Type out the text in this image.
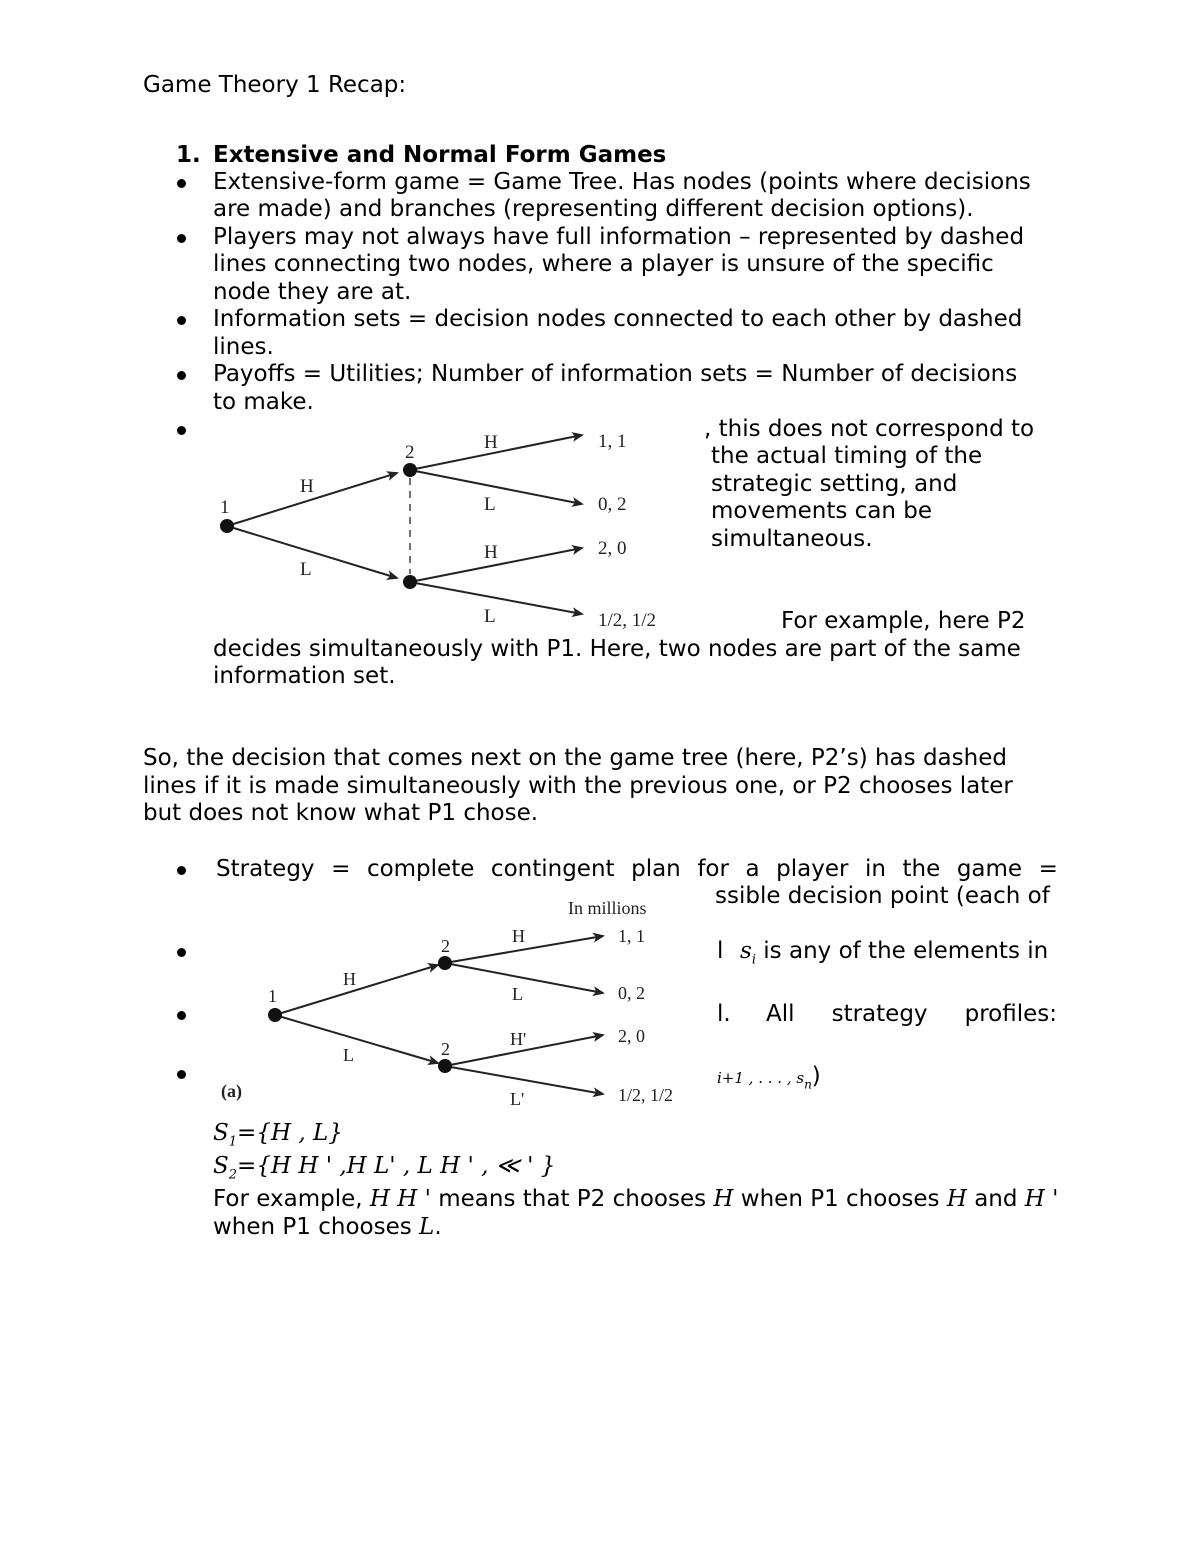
Game Theory 1 Recap:
1. Extensive and Normal Form Games
Extensive-form game = Game Tree. Has nodes (points where decisions
are made) and branches (representing different decision options).
Players may not always have full information – represented by dashed
lines connecting two nodes, where a player is unsure of the specific
node they are at.
Information sets = decision nodes connected to each other by dashed
lines.
Payoffs = Utilities; Number of information sets = Number of decisions
to make.
, this does not correspond to
the actual timing of the
strategic setting, and
movements can be
simultaneous.
For example, here P2
decides simultaneously with P1. Here, two nodes are part of the same
information set.
1
2
H
L
H
L
H
L
1, 1
0, 2
2, 0
1/2, 1/2
So, the decision that comes next on the game tree (here, P2’s) has dashed
lines if it is made simultaneously with the previous one, or P2 chooses later
but does not know what P1 chose.
Strategy = complete contingent plan for a player in the game =
ssible decision point (each of
l $s_i$ is any of the elements in
l. All strategy profiles:
i+1 , . . . , $s_n$)
In millions
1
2
2
H
L
H
L
H'
L'
1, 1
0, 2
2, 0
1/2, 1/2
(a)
$S_1=\{H$ , L}
$S_2=\{H$ H ' ,H L' , L H ' , ≪ ' }
For example, H H ' means that P2 chooses H when P1 chooses H and H '
when P1 chooses L.
